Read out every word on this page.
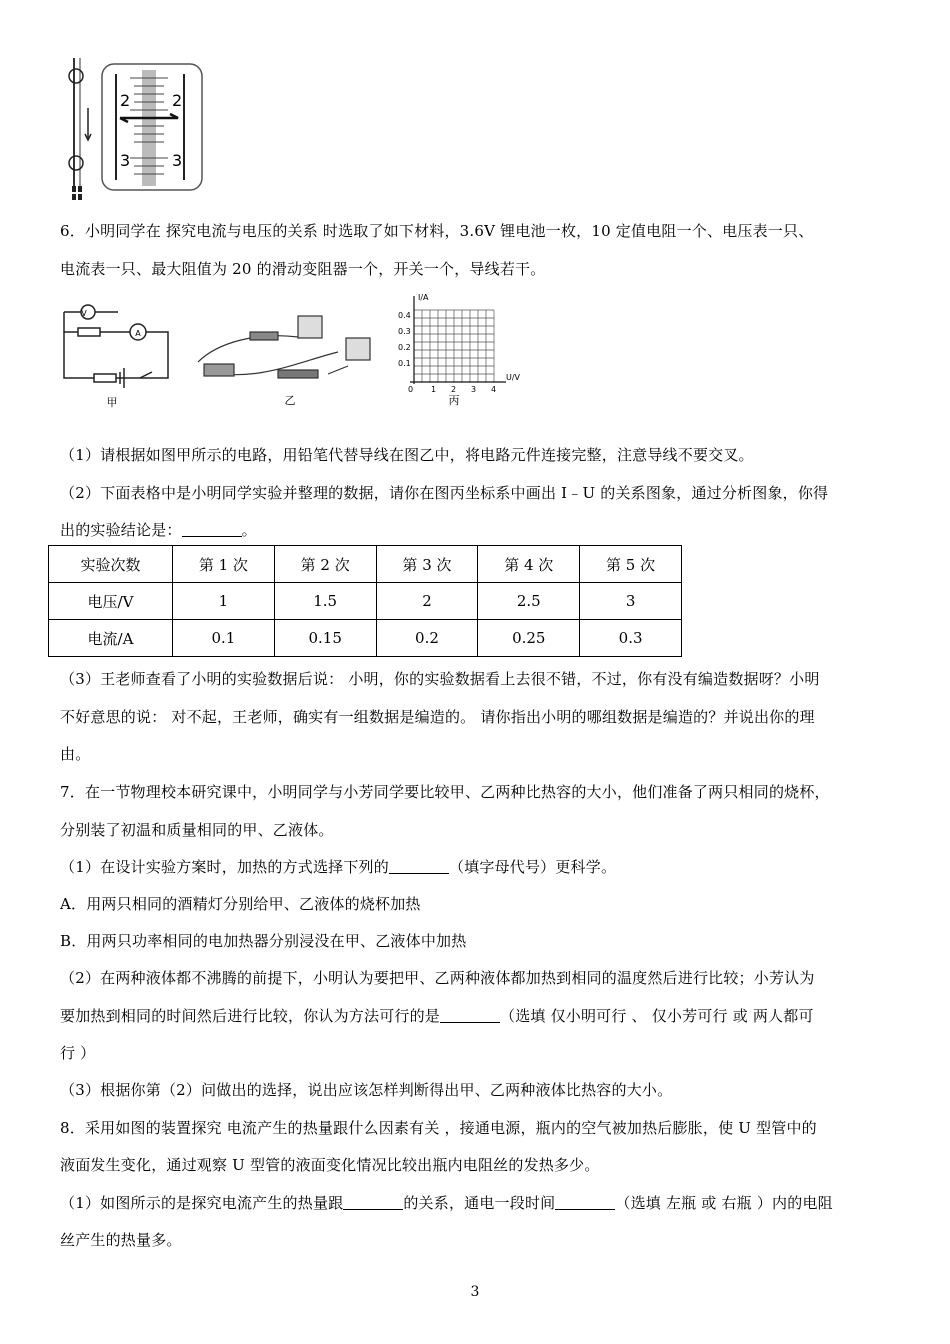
2	2
3	3
6．小明同学在 探究电流与电压的关系 时选取了如下材料，3.6V 锂电池一枚，10 定值电阻一个、电压表一只、
电流表一只、最大阻值为 20 的滑动变阻器一个，开关一个，导线若干。
V
A
甲	乙
I/A
U/V
0.4
0.3
0.2
0.1
0 1 2 3 4
丙
（1）请根据如图甲所示的电路，用铅笔代替导线在图乙中，将电路元件连接完整，注意导线不要交叉。
（2）下面表格中是小明同学实验并整理的数据，请你在图丙坐标系中画出 I﹣U 的关系图象，通过分析图象，你得
出的实验结论是：	。
实验次数	第 1 次	第 2 次	第 3 次	第 4 次	第 5 次
电压/V	1	1.5	2	2.5	3
电流/A	0.1	0.15	0.2	0.25	0.3
（3）王老师查看了小明的实验数据后说： 小明，你的实验数据看上去很不错，不过，你有没有编造数据呀？小明
不好意思的说： 对不起，王老师，确实有一组数据是编造的。 请你指出小明的哪组数据是编造的？并说出你的理
由。
7．在一节物理校本研究课中，小明同学与小芳同学要比较甲、乙两种比热容的大小，他们准备了两只相同的烧杯，
分别装了初温和质量相同的甲、乙液体。
（1）在设计实验方案时，加热的方式选择下列的	（填字母代号）更科学。
A．用两只相同的酒精灯分别给甲、乙液体的烧杯加热
B．用两只功率相同的电加热器分别浸没在甲、乙液体中加热
（2）在两种液体都不沸腾的前提下，小明认为要把甲、乙两种液体都加热到相同的温度然后进行比较；小芳认为
要加热到相同的时间然后进行比较，你认为方法可行的是	（选填 仅小明可行 、 仅小芳可行 或 两人都可
行 ）
（3）根据你第（2）问做出的选择，说出应该怎样判断得出甲、乙两种液体比热容的大小。
8．采用如图的装置探究 电流产生的热量跟什么因素有关 ，接通电源，瓶内的空气被加热后膨胀，使 U 型管中的
液面发生变化，通过观察 U 型管的液面变化情况比较出瓶内电阻丝的发热多少。
（1）如图所示的是探究电流产生的热量跟	的关系，通电一段时间	（选填 左瓶 或 右瓶 ）内的电阻
丝产生的热量多。
3
